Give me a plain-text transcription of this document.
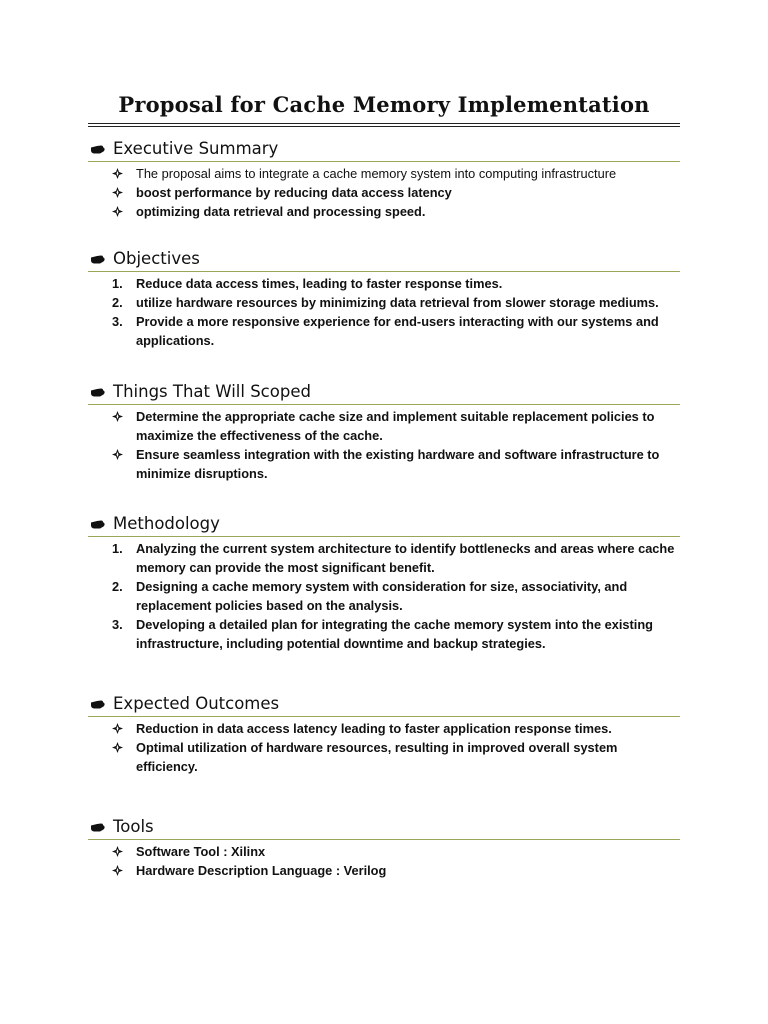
Proposal for Cache Memory Implementation
Executive Summary
The proposal aims to integrate a cache memory system into computing infrastructure
boost performance by reducing data access latency
optimizing data retrieval and processing speed.
Objectives
1.	Reduce data access times, leading to faster response times.
2.	utilize hardware resources by minimizing data retrieval from slower storage mediums.
3.	Provide a more responsive experience for end-users interacting with our systems and applications.
Things That Will Scoped
Determine the appropriate cache size and implement suitable replacement policies to maximize the effectiveness of the cache.
Ensure seamless integration with the existing hardware and software infrastructure to minimize disruptions.
Methodology
1.	Analyzing the current system architecture to identify bottlenecks and areas where cache memory can provide the most significant benefit.
2.	Designing a cache memory system with consideration for size, associativity, and replacement policies based on the analysis.
3.	Developing a detailed plan for integrating the cache memory system into the existing infrastructure, including potential downtime and backup strategies.
Expected Outcomes
Reduction in data access latency leading to faster application response times.
Optimal utilization of hardware resources, resulting in improved overall system efficiency.
Tools
Software Tool : Xilinx
Hardware Description Language : Verilog
